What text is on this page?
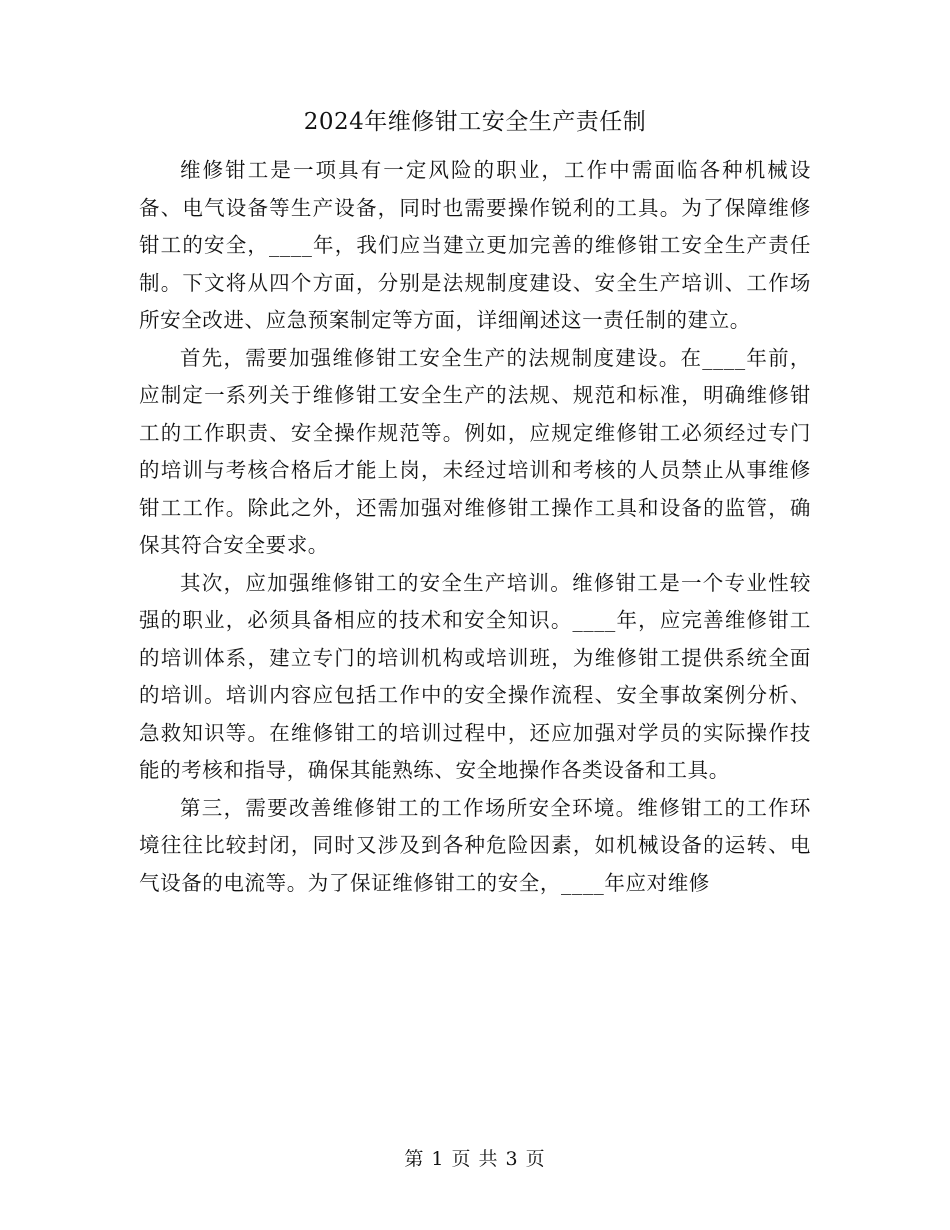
2024年维修钳工安全生产责任制

维修钳工是一项具有一定风险的职业，工作中需面临各种机械设备、电气设备等生产设备，同时也需要操作锐利的工具。为了保障维修钳工的安全，____年，我们应当建立更加完善的维修钳工安全生产责任制。下文将从四个方面，分别是法规制度建设、安全生产培训、工作场所安全改进、应急预案制定等方面，详细阐述这一责任制的建立。

首先，需要加强维修钳工安全生产的法规制度建设。在____年前，应制定一系列关于维修钳工安全生产的法规、规范和标准，明确维修钳工的工作职责、安全操作规范等。例如，应规定维修钳工必须经过专门的培训与考核合格后才能上岗，未经过培训和考核的人员禁止从事维修钳工工作。除此之外，还需加强对维修钳工操作工具和设备的监管，确保其符合安全要求。

其次，应加强维修钳工的安全生产培训。维修钳工是一个专业性较强的职业，必须具备相应的技术和安全知识。____年，应完善维修钳工的培训体系，建立专门的培训机构或培训班，为维修钳工提供系统全面的培训。培训内容应包括工作中的安全操作流程、安全事故案例分析、急救知识等。在维修钳工的培训过程中，还应加强对学员的实际操作技能的考核和指导，确保其能熟练、安全地操作各类设备和工具。

第三，需要改善维修钳工的工作场所安全环境。维修钳工的工作环境往往比较封闭，同时又涉及到各种危险因素，如机械设备的运转、电气设备的电流等。为了保证维修钳工的安全，____年应对维修

第 1 页 共 3 页
